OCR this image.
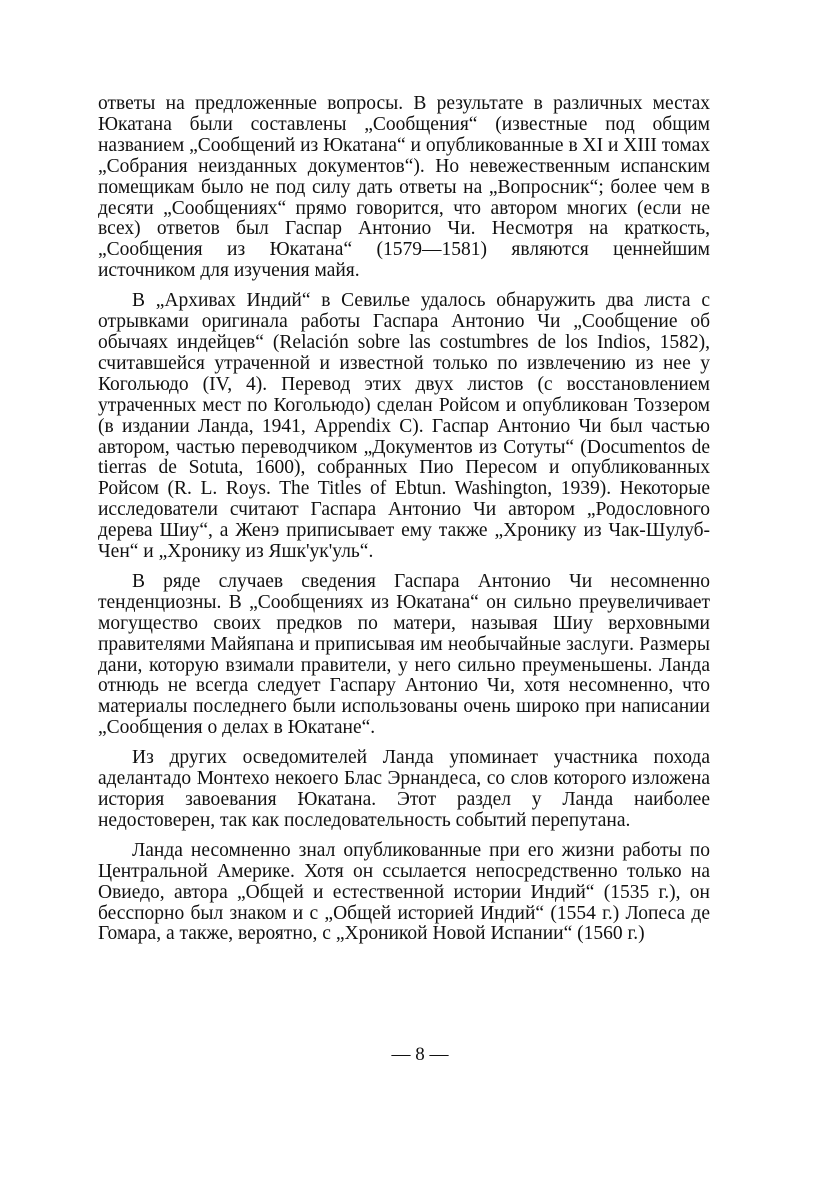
ответы на предложенные вопросы. В результате в различных местах Юкатана были составлены „Сообщения“ (известные под общим названием „Сообщений из Юкатана“ и опубликованные в XI и XIII томах „Собрания неизданных документов“). Но невежественным испанским помещикам было не под силу дать ответы на „Вопросник“; более чем в десяти „Сообщениях“ прямо говорится, что автором многих (если не всех) ответов был Гаспар Антонио Чи. Несмотря на краткость, „Сообщения из Юкатана“ (1579—1581) являются ценнейшим источником для изучения майя.

В „Архивах Индий“ в Севилье удалось обнаружить два листа с отрывками оригинала работы Гаспара Антонио Чи „Сообщение об обычаях индейцев“ (Relación sobre las costumbres de los Indios, 1582), считавшейся утраченной и известной только по извлечению из нее у Когольюдо (IV, 4). Перевод этих двух листов (с восстановлением утраченных мест по Когольюдо) сделан Ройсом и опубликован Тоззером (в издании Ланда, 1941, Appendix C). Гаспар Антонио Чи был частью автором, частью переводчиком „Документов из Сотуты“ (Documentos de tierras de Sotuta, 1600), собранных Пио Пересом и опубликованных Ройсом (R. L. Roys. The Titles of Ebtun. Washington, 1939). Некоторые исследователи считают Гаспара Антонио Чи автором „Родословного дерева Шиу“, а Женэ приписывает ему также „Хронику из Чак-Шулуб-Чен“ и „Хронику из Яшк'ук'уль“.

В ряде случаев сведения Гаспара Антонио Чи несомненно тенденциозны. В „Сообщениях из Юкатана“ он сильно преувеличивает могущество своих предков по матери, называя Шиу верховными правителями Майяпана и приписывая им необычайные заслуги. Размеры дани, которую взимали правители, у него сильно преуменьшены. Ланда отнюдь не всегда следует Гаспару Антонио Чи, хотя несомненно, что материалы последнего были использованы очень широко при написании „Сообщения о делах в Юкатане“.

Из других осведомителей Ланда упоминает участника похода аделантадо Монтехо некоего Блас Эрнандеса, со слов которого изложена история завоевания Юкатана. Этот раздел у Ланда наиболее недостоверен, так как последовательность событий перепутана.

Ланда несомненно знал опубликованные при его жизни работы по Центральной Америке. Хотя он ссылается непосредственно только на Овиедо, автора „Общей и естественной истории Индий“ (1535 г.), он бесспорно был знаком и с „Общей историей Индий“ (1554 г.) Лопеса де Гомара, а также, вероятно, с „Хроникой Новой Испании“ (1560 г.)

— 8 —
